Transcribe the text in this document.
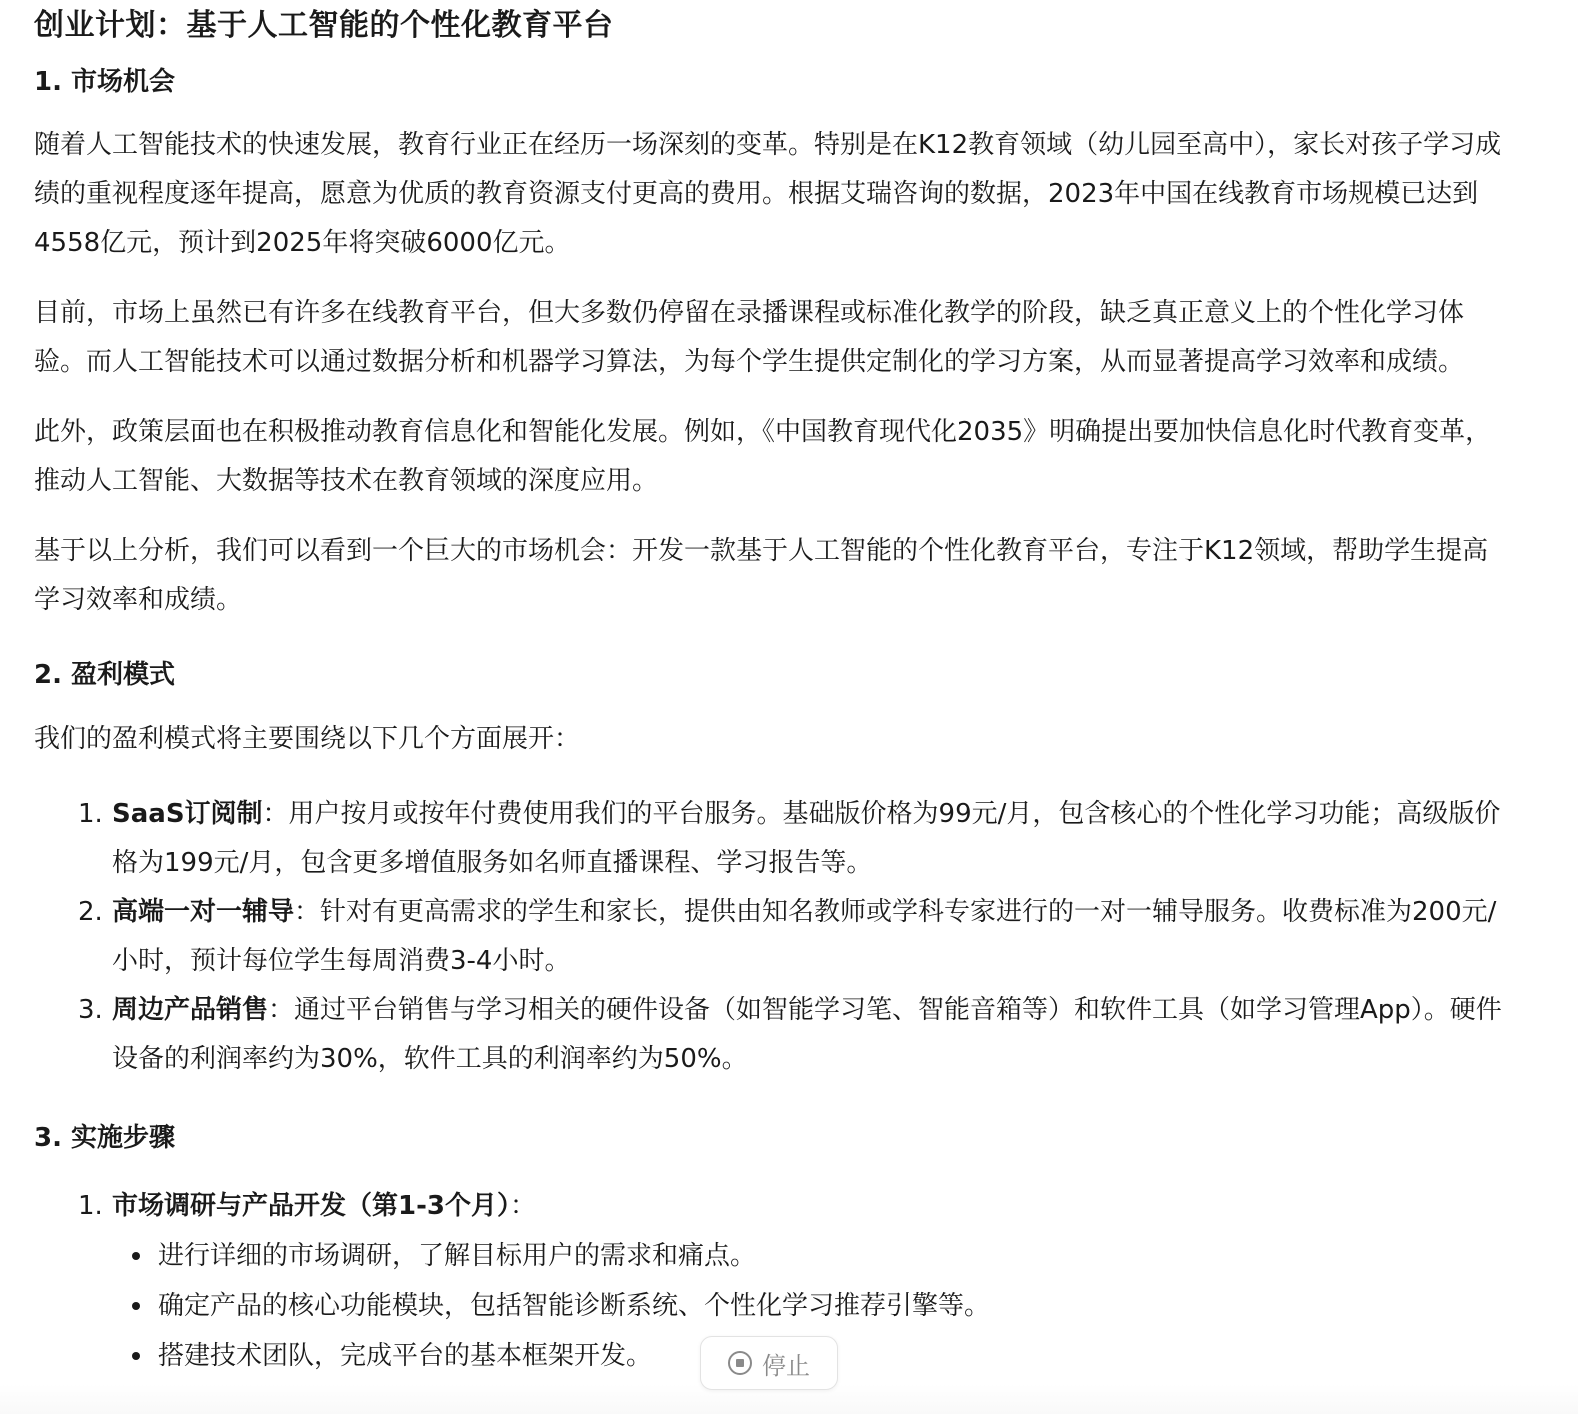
创业计划：基于人工智能的个性化教育平台
1. 市场机会

随着人工智能技术的快速发展，教育行业正在经历一场深刻的变革。特别是在K12教育领域（幼儿园至高中），家长对孩子学习成绩的重视程度逐年提高，愿意为优质的教育资源支付更高的费用。根据艾瑞咨询的数据，2023年中国在线教育市场规模已达到4558亿元，预计到2025年将突破6000亿元。

目前，市场上虽然已有许多在线教育平台，但大多数仍停留在录播课程或标准化教学的阶段，缺乏真正意义上的个性化学习体验。而人工智能技术可以通过数据分析和机器学习算法，为每个学生提供定制化的学习方案，从而显著提高学习效率和成绩。

此外，政策层面也在积极推动教育信息化和智能化发展。例如，《中国教育现代化2035》明确提出要加快信息化时代教育变革，推动人工智能、大数据等技术在教育领域的深度应用。

基于以上分析，我们可以看到一个巨大的市场机会：开发一款基于人工智能的个性化教育平台，专注于K12领域，帮助学生提高学习效率和成绩。

2. 盈利模式

我们的盈利模式将主要围绕以下几个方面展开：

1. SaaS订阅制：用户按月或按年付费使用我们的平台服务。基础版价格为99元/月，包含核心的个性化学习功能；高级版价格为199元/月，包含更多增值服务如名师直播课程、学习报告等。
2. 高端一对一辅导：针对有更高需求的学生和家长，提供由知名教师或学科专家进行的一对一辅导服务。收费标准为200元/小时，预计每位学生每周消费3-4小时。
3. 周边产品销售：通过平台销售与学习相关的硬件设备（如智能学习笔、智能音箱等）和软件工具（如学习管理App）。硬件设备的利润率约为30%，软件工具的利润率约为50%。
3. 实施步骤
1. 市场调研与产品开发（第1-3个月）：
进行详细的市场调研，了解目标用户的需求和痛点。
确定产品的核心功能模块，包括智能诊断系统、个性化学习推荐引擎等。
搭建技术团队，完成平台的基本框架开发。	停止
